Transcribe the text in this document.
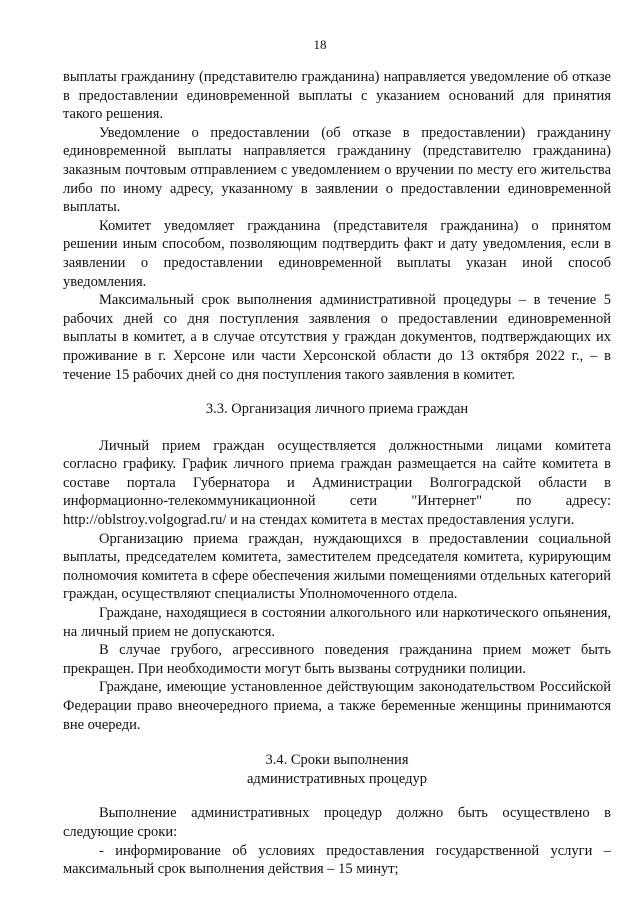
18

выплаты гражданину (представителю гражданина) направляется уведомление об отказе в предоставлении единовременной выплаты с указанием оснований для принятия такого решения.

Уведомление о предоставлении (об отказе в предоставлении) гражданину единовременной выплаты направляется гражданину (представителю гражданина) заказным почтовым отправлением с уведомлением о вручении по месту его жительства либо по иному адресу, указанному в заявлении о предоставлении единовременной выплаты.

Комитет уведомляет гражданина (представителя гражданина) о принятом решении иным способом, позволяющим подтвердить факт и дату уведомления, если в заявлении о предоставлении единовременной выплаты указан иной способ уведомления.

Максимальный срок выполнения административной процедуры – в течение 5 рабочих дней со дня поступления заявления о предоставлении единовременной выплаты в комитет, а в случае отсутствия у граждан документов, подтверждающих их проживание в г. Херсоне или части Херсонской области до 13 октября 2022 г., – в течение 15 рабочих дней со дня поступления такого заявления в комитет.

3.3. Организация личного приема граждан

Личный прием граждан осуществляется должностными лицами комитета согласно графику. График личного приема граждан размещается на сайте комитета в составе портала Губернатора и Администрации Волгоградской области в информационно-телекоммуникационной сети "Интернет" по адресу: http://oblstroy.volgograd.ru/ и на стендах комитета в местах предоставления услуги.

Организацию приема граждан, нуждающихся в предоставлении социальной выплаты, председателем комитета, заместителем председателя комитета, курирующим полномочия комитета в сфере обеспечения жилыми помещениями отдельных категорий граждан, осуществляют специалисты Уполномоченного отдела.

Граждане, находящиеся в состоянии алкогольного или наркотического опьянения, на личный прием не допускаются.

В случае грубого, агрессивного поведения гражданина прием может быть прекращен. При необходимости могут быть вызваны сотрудники полиции.

Граждане, имеющие установленное действующим законодательством Российской Федерации право внеочередного приема, а также беременные женщины принимаются вне очереди.

3.4. Сроки выполнения
административных процедур

Выполнение административных процедур должно быть осуществлено в следующие сроки:

- информирование об условиях предоставления государственной услуги – максимальный срок выполнения действия – 15 минут;
